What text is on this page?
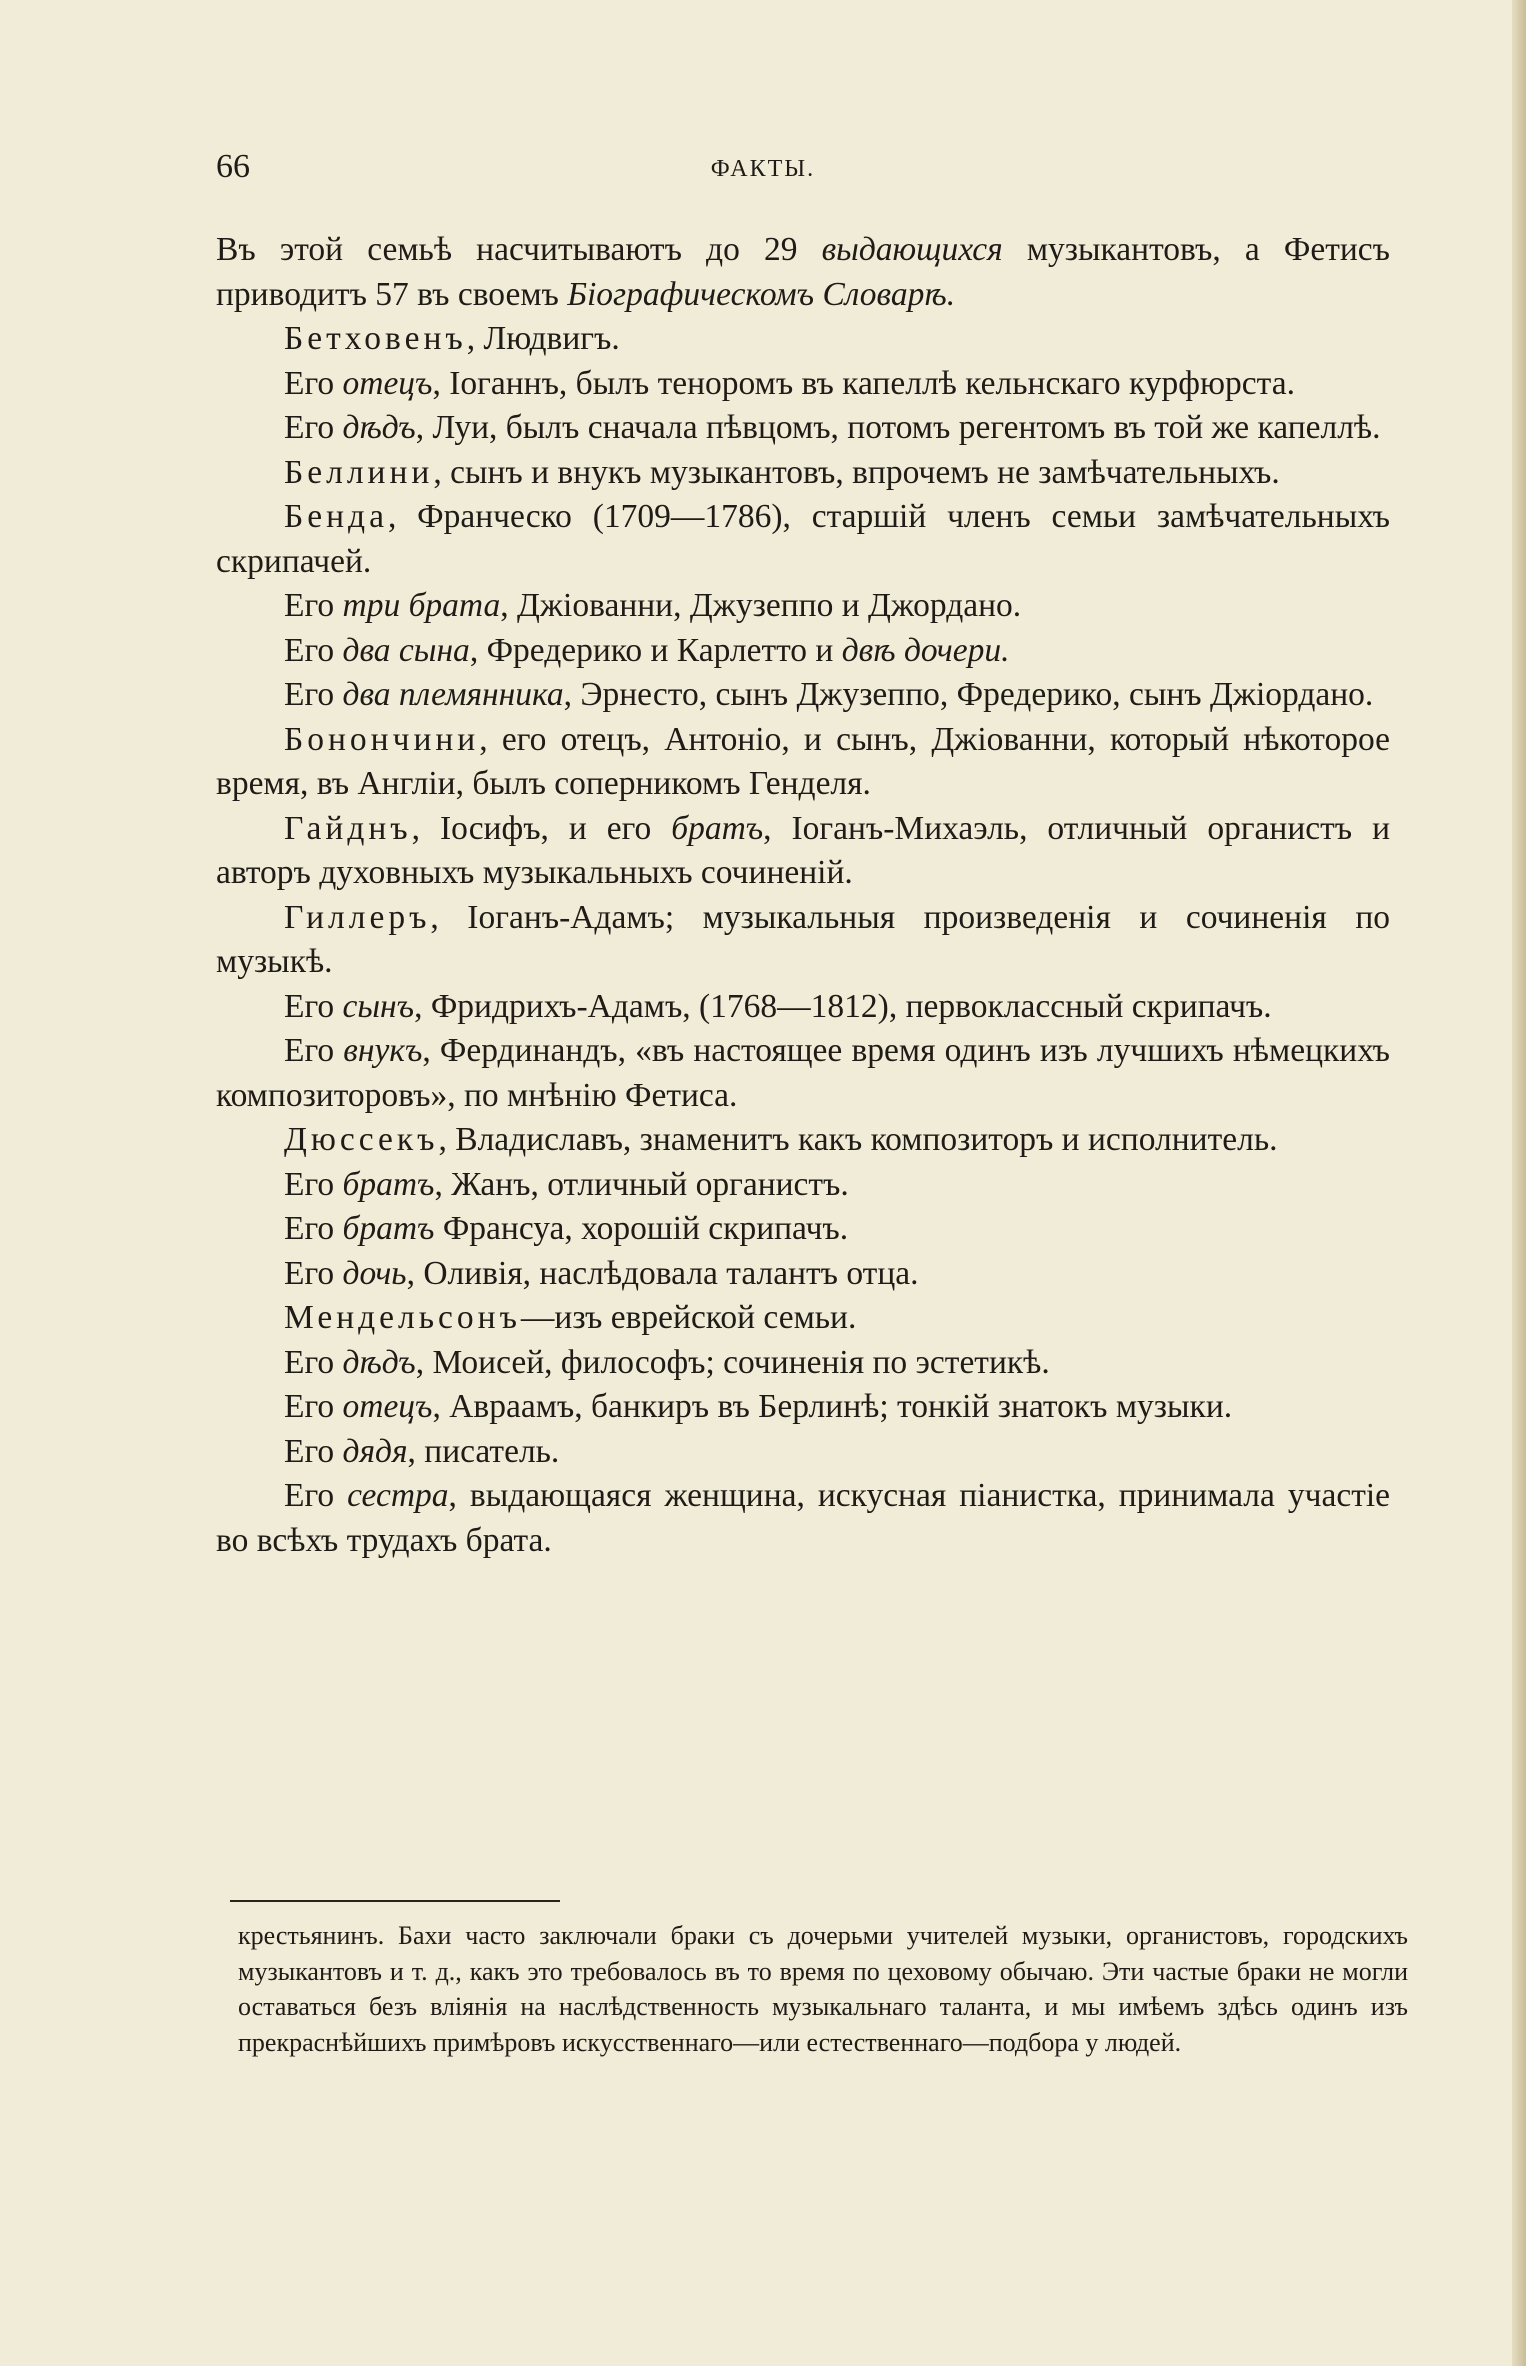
66	ФАКТЫ.

Въ этой семьѣ насчитываютъ до 29 выдающихся музыкантовъ, а Фетисъ приводитъ 57 въ своемъ Біографическомъ Словарѣ.

Бетховенъ, Людвигъ.

Его отецъ, Іоганнъ, былъ теноромъ въ капеллѣ кельнскаго курфюрста.

Его дѣдъ, Луи, былъ сначала пѣвцомъ, потомъ регентомъ въ той же капеллѣ.

Беллини, сынъ и внукъ музыкантовъ, впрочемъ не замѣчательныхъ.

Бенда, Франческо (1709—1786), старшій членъ семьи замѣчательныхъ скрипачей.

Его три брата, Джіованни, Джузеппо и Джордано.

Его два сына, Фредерико и Карлетто и двѣ дочери.

Его два племянника, Эрнесто, сынъ Джузеппо, Фредерико, сынъ Джіордано.

Бонончини, его отецъ, Антоніо, и сынъ, Джіованни, который нѣкоторое время, въ Англіи, былъ соперникомъ Генделя.

Гайднъ, Іосифъ, и его братъ, Іоганъ-Михаэль, отличный органистъ и авторъ духовныхъ музыкальныхъ сочиненій.

Гиллеръ, Іоганъ-Адамъ; музыкальныя произведенія и сочиненія по музыкѣ.

Его сынъ, Фридрихъ-Адамъ, (1768—1812), первоклассный скрипачъ.

Его внукъ, Фердинандъ, «въ настоящее время одинъ изъ лучшихъ нѣмецкихъ композиторовъ», по мнѣнію Фетиса.

Дюссекъ, Владиславъ, знаменитъ какъ композиторъ и исполнитель.

Его братъ, Жанъ, отличный органистъ.

Его братъ Франсуа, хорошій скрипачъ.

Его дочь, Оливія, наслѣдовала талантъ отца.

Мендельсонъ—изъ еврейской семьи.

Его дѣдъ, Моисей, философъ; сочиненія по эстетикѣ.

Его отецъ, Авраамъ, банкиръ въ Берлинѣ; тонкій знатокъ музыки.

Его дядя, писатель.

Его сестра, выдающаяся женщина, искусная піанистка, принимала участіе во всѣхъ трудахъ брата.

крестьянинъ. Бахи часто заключали браки съ дочерьми учителей музыки, органистовъ, городскихъ музыкантовъ и т. д., какъ это требовалось въ то время по цеховому обычаю. Эти частые браки не могли оставаться безъ вліянія на наслѣдственность музыкальнаго таланта, и мы имѣемъ здѣсь одинъ изъ прекраснѣйшихъ примѣровъ искусственнаго—или естественнаго—подбора у людей.
